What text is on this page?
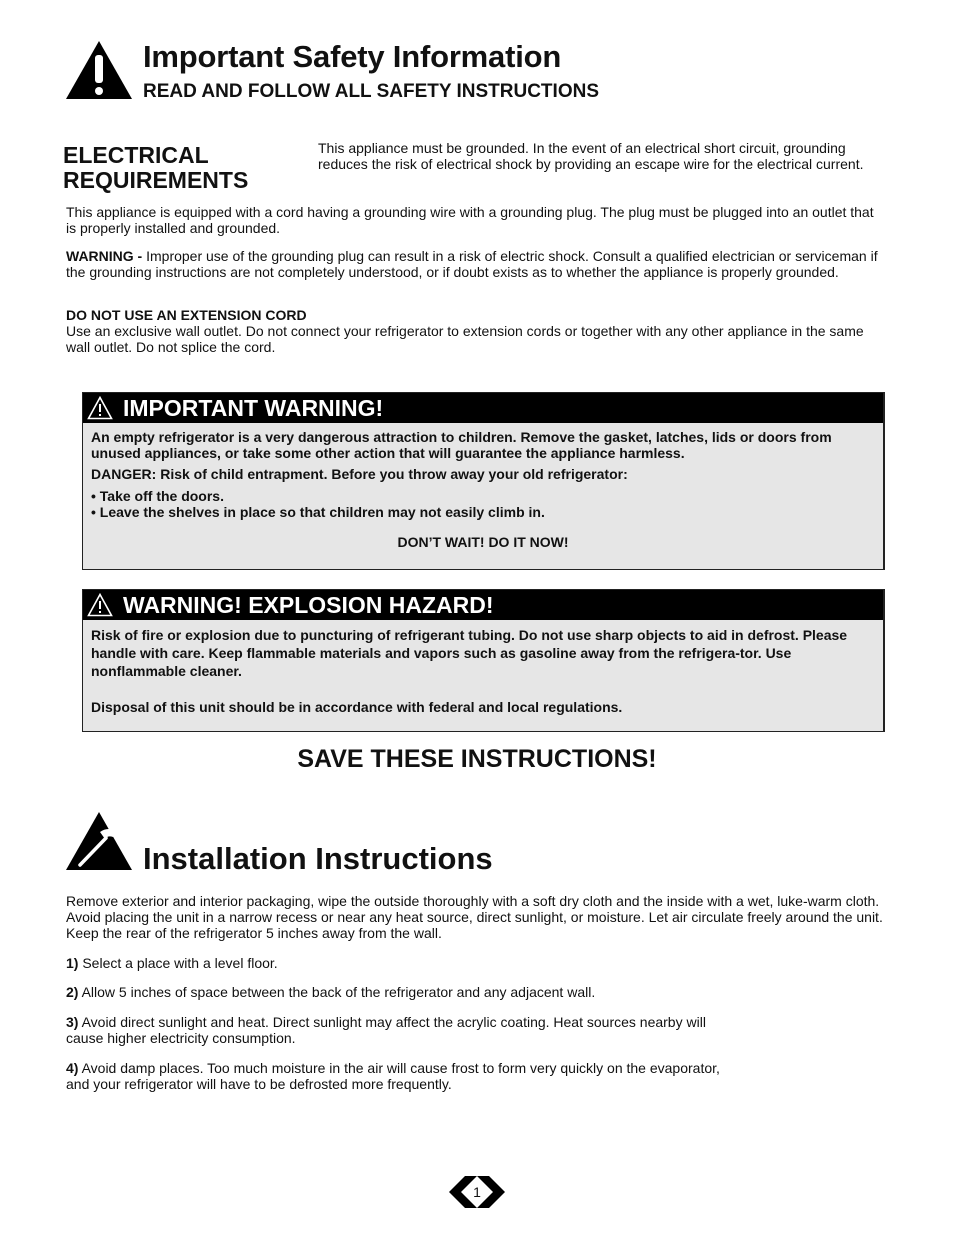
Important Safety Information
READ AND FOLLOW ALL SAFETY INSTRUCTIONS
ELECTRICAL
REQUIREMENTS

This appliance must be grounded. In the event of an electrical short circuit, grounding reduces the risk of electrical shock by providing an escape wire for the electrical current.

This appliance is equipped with a cord having a grounding wire with a grounding plug. The plug must be plugged into an outlet that is properly installed and grounded.

WARNING - Improper use of the grounding plug can result in a risk of electric shock. Consult a qualified electrician or serviceman if the grounding instructions are not completely understood, or if doubt exists as to whether the appliance is properly grounded.

DO NOT USE AN EXTENSION CORD
Use an exclusive wall outlet. Do not connect your refrigerator to extension cords or together with any other appliance in the same wall outlet. Do not splice the cord.
IMPORTANT WARNING!

An empty refrigerator is a very dangerous attraction to children. Remove the gasket, latches, lids or doors from unused appliances, or take some other action that will guarantee the appliance harmless.

DANGER: Risk of child entrapment. Before you throw away your old refrigerator:

• Take off the doors.

• Leave the shelves in place so that children may not easily climb in.

DON’T WAIT! DO IT NOW!

WARNING! EXPLOSION HAZARD!

Risk of fire or explosion due to puncturing of refrigerant tubing. Do not use sharp objects to aid in defrost. Please handle with care. Keep flammable materials and vapors such as gasoline away from the refrigera-tor. Use nonflammable cleaner.

Disposal of this unit should be in accordance with federal and local regulations.

SAVE THESE INSTRUCTIONS!
Installation Instructions

Remove exterior and interior packaging, wipe the outside thoroughly with a soft dry cloth and the inside with a wet, luke-warm cloth. Avoid placing the unit in a narrow recess or near any heat source, direct sunlight, or moisture. Let air circulate freely around the unit. Keep the rear of the refrigerator 5 inches away from the wall.

1) Select a place with a level floor.

2) Allow 5 inches of space between the back of the refrigerator and any adjacent wall.

3) Avoid direct sunlight and heat. Direct sunlight may affect the acrylic coating. Heat sources nearby will cause higher electricity consumption.

4) Avoid damp places. Too much moisture in the air will cause frost to form very quickly on the evaporator, and your refrigerator will have to be defrosted more frequently.

1
